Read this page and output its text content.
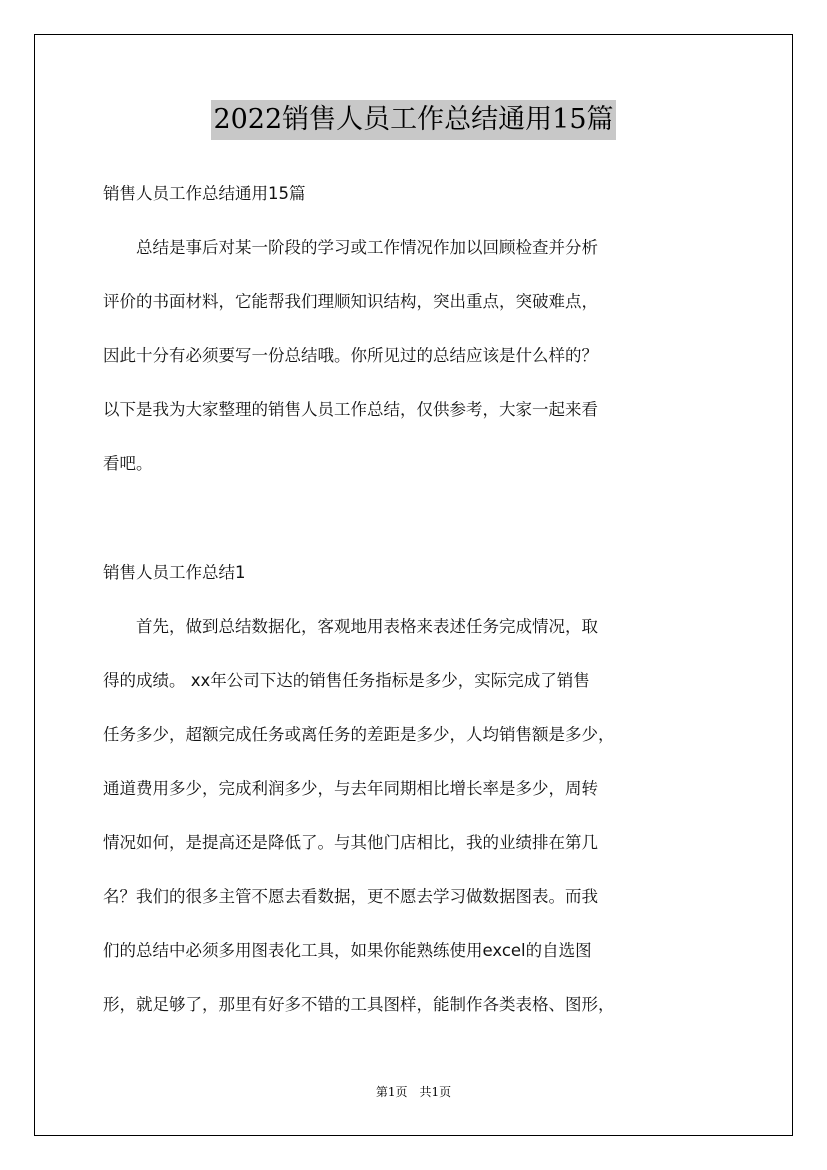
2022销售人员工作总结通用15篇
销售人员工作总结通用15篇
　　总结是事后对某一阶段的学习或工作情况作加以回顾检查并分析
评价的书面材料，它能帮我们理顺知识结构，突出重点，突破难点，
因此十分有必须要写一份总结哦。你所见过的总结应该是什么样的？
以下是我为大家整理的销售人员工作总结，仅供参考，大家一起来看
看吧。
销售人员工作总结1
　　首先，做到总结数据化，客观地用表格来表述任务完成情况，取
得的成绩。 xx年公司下达的销售任务指标是多少，实际完成了销售
任务多少，超额完成任务或离任务的差距是多少，人均销售额是多少，
通道费用多少，完成利润多少，与去年同期相比增长率是多少，周转
情况如何，是提高还是降低了。与其他门店相比，我的业绩排在第几
名？我们的很多主管不愿去看数据，更不愿去学习做数据图表。而我
们的总结中必须多用图表化工具，如果你能熟练使用excel的自选图
形，就足够了，那里有好多不错的工具图样，能制作各类表格、图形，
第1页　共1页
